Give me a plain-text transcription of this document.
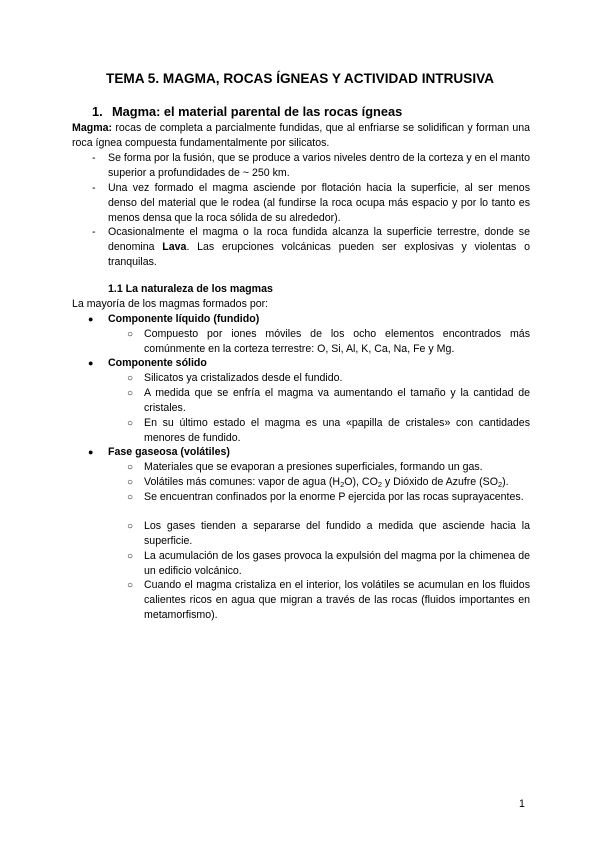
TEMA 5. MAGMA, ROCAS ÍGNEAS Y ACTIVIDAD INTRUSIVA
1. Magma: el material parental de las rocas ígneas
Magma: rocas de completa a parcialmente fundidas, que al enfriarse se solidifican y forman una roca ígnea compuesta fundamentalmente por silicatos.
-	Se forma por la fusión, que se produce a varios niveles dentro de la corteza y en el manto superior a profundidades de ~ 250 km.
-	Una vez formado el magma asciende por flotación hacia la superficie, al ser menos denso del material que le rodea (al fundirse la roca ocupa más espacio y por lo tanto es menos densa que la roca sólida de su alrededor).
-	Ocasionalmente el magma o la roca fundida alcanza la superficie terrestre, donde se denomina Lava. Las erupciones volcánicas pueden ser explosivas y violentas o tranquilas.
1.1 La naturaleza de los magmas
La mayoría de los magmas formados por:
●	Componente líquido (fundido)
○	Compuesto por iones móviles de los ocho elementos encontrados más comúnmente en la corteza terrestre: O, Si, Al, K, Ca, Na, Fe y Mg.
●	Componente sólido
○	Silicatos ya cristalizados desde el fundido.
○	A medida que se enfría el magma va aumentando el tamaño y la cantidad de cristales.
○	En su último estado el magma es una «papilla de cristales» con cantidades menores de fundido.
●	Fase gaseosa (volátiles)
○	Materiales que se evaporan a presiones superficiales, formando un gas.
○	Volátiles más comunes: vapor de agua $(H_2O)$, $CO_2$ y Dióxido de Azufre $(SO_2)$.
○	Se encuentran confinados por la enorme P ejercida por las rocas suprayacentes.
○	Los gases tienden a separarse del fundido a medida que asciende hacia la superficie.
○	La acumulación de los gases provoca la expulsión del magma por la chimenea de un edificio volcánico.
○	Cuando el magma cristaliza en el interior, los volátiles se acumulan en los fluidos calientes ricos en agua que migran a través de las rocas (fluidos importantes en metamorfismo).
1
